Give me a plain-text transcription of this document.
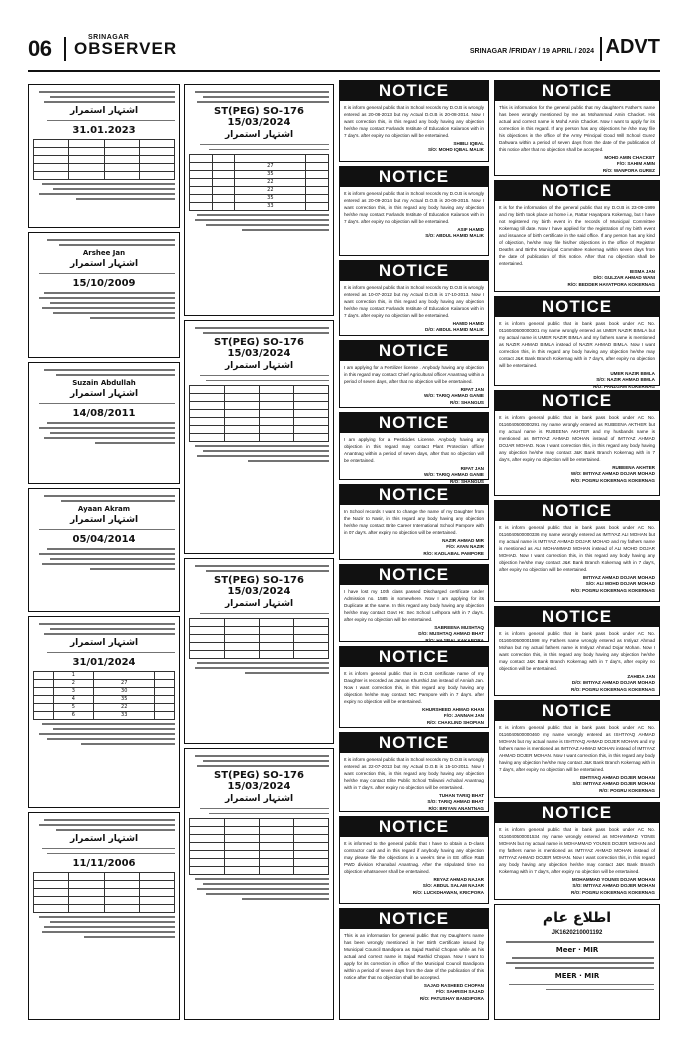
06	SRINAGAR
OBSERVER	SRINAGAR /FRIDAY / 19 APRIL / 2024 ADVT
اشتہار استمرار
31.01.2023

Arshee Jan
اشتہار استمرار
15/10/2009
Suzain Abdullah
اشتہار استمرار
14/08/2011
Ayaan Akram
اشتہار استمرار
05/04/2014
اشتہار استمرار
31/01/2024
	1		
	2	27	
	3	30	
	4	35	
	5	22	
	6	33	
اشتہار استمرار
11/11/2006

ST(PEG) SO-176 15/03/2024
اشتہار استمرار

		27	
		35	
		22	
		22	
		35	
		33	
ST(PEG) SO-176 15/03/2024
اشتہار استمرار

ST(PEG) SO-176 15/03/2024
اشتہار استمرار

ST(PEG) SO-176 15/03/2024
اشتہار استمرار

NOTICE
It is inform general public that in School records my D.O.B is wrongly entered as 20-08-2013 but my Actual D.O.B is 20-08-2014. Now I want correction this, in this regard any body having any objection he/she may contact Farlands Institute of Education Kalaroos with in 7 day's. after expiry no objection will be entertained.
SHIBLI IQBAL
S/O: MOHD IQBAL MALIK
NOTICE
It is inform general public that in School records my D.O.B is wrongly entered as 20-09-2014 but my Actual D.O.B is 20-09-2015. Now I want correction this, in this regard any body having any objection he/she may contact Farlands Institute of Education Kalaroos with in 7 day's. after expiry no objection will be entertained.
ASIF HAMID
S/O: ABDUL HAMID MALIK
NOTICE
It is inform general public that in School records my D.O.B is wrongly entered as 10-07-2012 but my Actual D.O.B is 17-10-2013. Now I want correction this, in this regard any body having any objection he/she may contact Farlands Institute of Education Kalaroos with in 7 day's. after expiry no objection will be entertained.
HAMID HAMID
D/O: ABDUL HAMID MALIK
NOTICE
I am applying for a Fertilizer license . Anybody having any objection in this regard may contact Chief Agricultural officer Anantnag within a period of seven days, after that no objection will be entertained.
RIFAT JAN
W/O: TARIQ AHMAD GANIE
R/O: SHANGUS
NOTICE
I am applying for a Pesticides License. Anybody having any objection in this regard may contact Plant Protection officer Anantnag within a period of seven days, after that no objection will be entertained.
RIFAT JAN
W/O: TARIQ AHMAD GANIE
R/O: SHANGUS
NOTICE
In School records I want to change the name of my Daughter from the Nazir to Nasir, in this regard any body having any objection he/she may contact Brite Career International School Pampore with in 07 day's. after expiry no objection will be entertained.
NAZIR AHMAD MIR
F/O: AYAN NAZIR
R/O: KADLABAL PAMPORE
NOTICE
I have lost my 10th class passed Discharged certificate under Admission no. 1585 in somewhere. Now I am applying for its Duplicate at the same. In this regard any body having any objection he/she may contact Govt Hr. Sec School Lelhpora with in 7 day's. after expiry no objection will be entertained.
SABREENA MUSHTAQ
D/O: MUSHTAQ AHMAD BHAT
R/O: HAJIBAL KAKAPORA
NOTICE
It is inform general public that in D.O.B certificate name of my Daughter is recorded as Jannan Khurshid Jan instead of Anniah Jan. Now I want correction this, in this regard any body having any objection he/she may contact NIC Pampore with in 7 day's. after expiry no objection will be entertained.
KHURSHEED AHMAD KHAN
F/O: JANNAH JAN
R/O: CHAKLIND SHOPIAN
NOTICE
It is inform general public that in School records my D.O.B is wrongly entered as 22-07-2013 but my Actual D.O.B is 15-10-2011. Now I want correction this, in this regard any body having any objection he/she may contact Elite Public School Taliwani Achabal Anantnag with in 7 day's. after expiry no objection will be entertained.
TUHAN TARIQ BHAT
S/O: TARIQ AHMAD BHAT
R/O: BRIYAN ANANTNAG
NOTICE
It is informed to the general public that I have to obtain a D-class contractor card and in this regard if anybody having any objection may please file the objections in a week's time in EE office R&B PWD division Khanabal Anantnag. After the stipulated time no objection whatsoever shall be entertained.
REYAZ AHMAD NAJAR
S/O: ABDUL SALAM NAJAR
R/O: LUCKDHAWAN, KRICPORA
NOTICE
This is an information for general public that my Daughter's name has been wrongly mentioned in her Birth Certificate issued by Municipal Council Bandipora as Sajad Rashid Chopan while as his actual and correct name is Sajad Rashid Chopan. Now I want to apply for its correction in office of the Municipal Council Bandipora within a period of seven days from the date of the publication of this notice after that no objection shall be accepted.
SAJAD RASHEED CHOPAN
F/O: SAHRISH SAJAD
R/O: PATUSHAY BANDIPORA
NOTICE
This is information for the general public that my daughter's Father's name has been wrongly mentioned by me as Mohammad Amin Chacket. His actual and correct name is Mohd Amin Chacket. Now I want to apply for its correction in this regard. If any person has any objections he /she may file his objections in the office of the Army Principal Good Will School Gurez Dahwara within a period of seven days from the date of the publication of this notice after that no objection shall be accepted.
MOHD AMIN CHACKET
F/O: SAHIM AMIN
R/O: WANPORA GUREZ
NOTICE
It is for the information of the general public that my D.O.B is 23-09-1999 and my birth took place at home i.e, Rattar Hayatpora Kokernag, but I have not registered my birth event in the records of Municipal Committee Kokernag till date. Now I have applied for the registration of my birth event and issuance of birth certificate in the said office. If any person has any kind of objection, he/she may file his/her objections in the office of Registrar Deaths and Births Municipal Committee Kokernag within seven days from the date of publication of this notice. After that no objection shall be entertained.
BISMA JAN
D/O: GULZAR AHMAD WANI
R/O: BEDDER HAYATPORA KOKERNAG
NOTICE
It is inform general public that in bank pass book under AC No. 0116040500000301 my name wrongly entered as UMER NAZIR BIMLA but my actual name is UMER NAZIR BIMLA and my fathers name is mentioned as NAZIR AHMAD BIMLA instead of NAZIR AHMAD BIMLA. Now I want correction this, in this regard any body having any objection he/she may contact J&K Bank Branch Kokernag with in 7 day's, after expiry no objection will be entertained.
UMER NAZIR BIMLA
S/O: NAZIR AHMAD BIMLA
R/O: PANZGAM KOKERNAG
NOTICE
It is inform general public that in bank pass book under AC No. 0116040500000291 my name wrongly entered as RUBEENA AKTHER but my actual name is RUBEENA AKHTER and my husbands name is mentioned as IMTIYAZ AHMAD MOHAN instead of IMTIYAZ AHMAD DOJAR MOHAD. Now I want correction this, in this regard any body having any objection he/she may contact J&K Bank Branch Kokernag with in 7 day's, after expiry no objection will be entertained.
RUBEENA AKHTER
W/O: IMTIYAZ AHMAD DOJAR MOHAD
R/O: POGRU KOKERNAG KOKERNAG
NOTICE
It is inform general public that in bank pass book under AC No. 0116040500000336 my name wrongly entered as IMTIYAZ ALI MOHAN but my actual name is IMTIYAZ AHMAD DOJAR MOHAD and my fathers name is mentioned as ALI MOHAMMAD MOHAN instead of ALI MOHD DOJAR MOHAD. Now I want correction this, in this regard any body having any objection he/she may contact J&K Bank Branch Kokernag with in 7 day's, after expiry no objection will be entertained.
IMTIYAZ AHMAD DOJAR MOHAD
S/O: ALI MOHD DOJAR MOHAD
R/O: POGRU KOKERNAG KOKERNAG
NOTICE
It is inform general public that in bank pass book under AC No. 0116040500001598 my Fathers name wrongly entered as Imtiyaz Ahmad Mohan but my actual fathers name is Imtiyaz Ahmad Dojar Mohan. Now I want correction this, in this regard any body having any objection he/she may contact J&K Bank Branch Kokernag with in 7 day's, after expiry no objection will be entertained.
ZAHIDA JAN
D/O: IMTIYAZ AHMAD DOJAR MOHAD
R/O: POGRU KOKERNAG KOKERNAG
NOTICE
It is inform general public that in bank pass book under AC No. 0116040500000460 my name wrongly entered as ISHTIYAQ AHMAD MOHAN but my actual name is ISHTIYAQ AHMAD DOJER MOHAN and my fathers name is mentioned as IMTIYAZ AHMAD MOHAN instead of IMTIYAZ AHMAD DOJER MOHAN. Now I want correction this, in this regard any body having any objection he/she may contact J&K Bank Branch Kokernag with in 7 day's, after expiry no objection will be entertained.
ISHTIYAQ AHMAD DOJER MOHAN
S/O: IMTIYAZ AHMAD DOJER MOHAN
R/O: POGRU KOKERNAG
NOTICE
It is inform general public that in bank pass book under AC No. 0116040500001534 my name wrongly entered as MOHAMMAD YONIS MOHAN but my actual name is MOHAMMAD YOUNIS DOJER MOHAN and my fathers name is mentioned as IMTIYAZ AHMAD MOHAN instead of IMTIYAZ AHMAD DOJER MOHAN. Now I want correction this, in this regard any body having any objection he/she may contact J&K Bank Branch Kokernag with in 7 day's, after expiry no objection will be entertained.
MOHAMMAD YOUNIS DOJAR MOHAN
S/O: IMTIYAZ AHMAD DOJER MOHAN
R/O: POGRU KOKERNAG KOKERNAG
اطلاع عام
JK1620210001192
Meer · MIR
MEER · MIR
